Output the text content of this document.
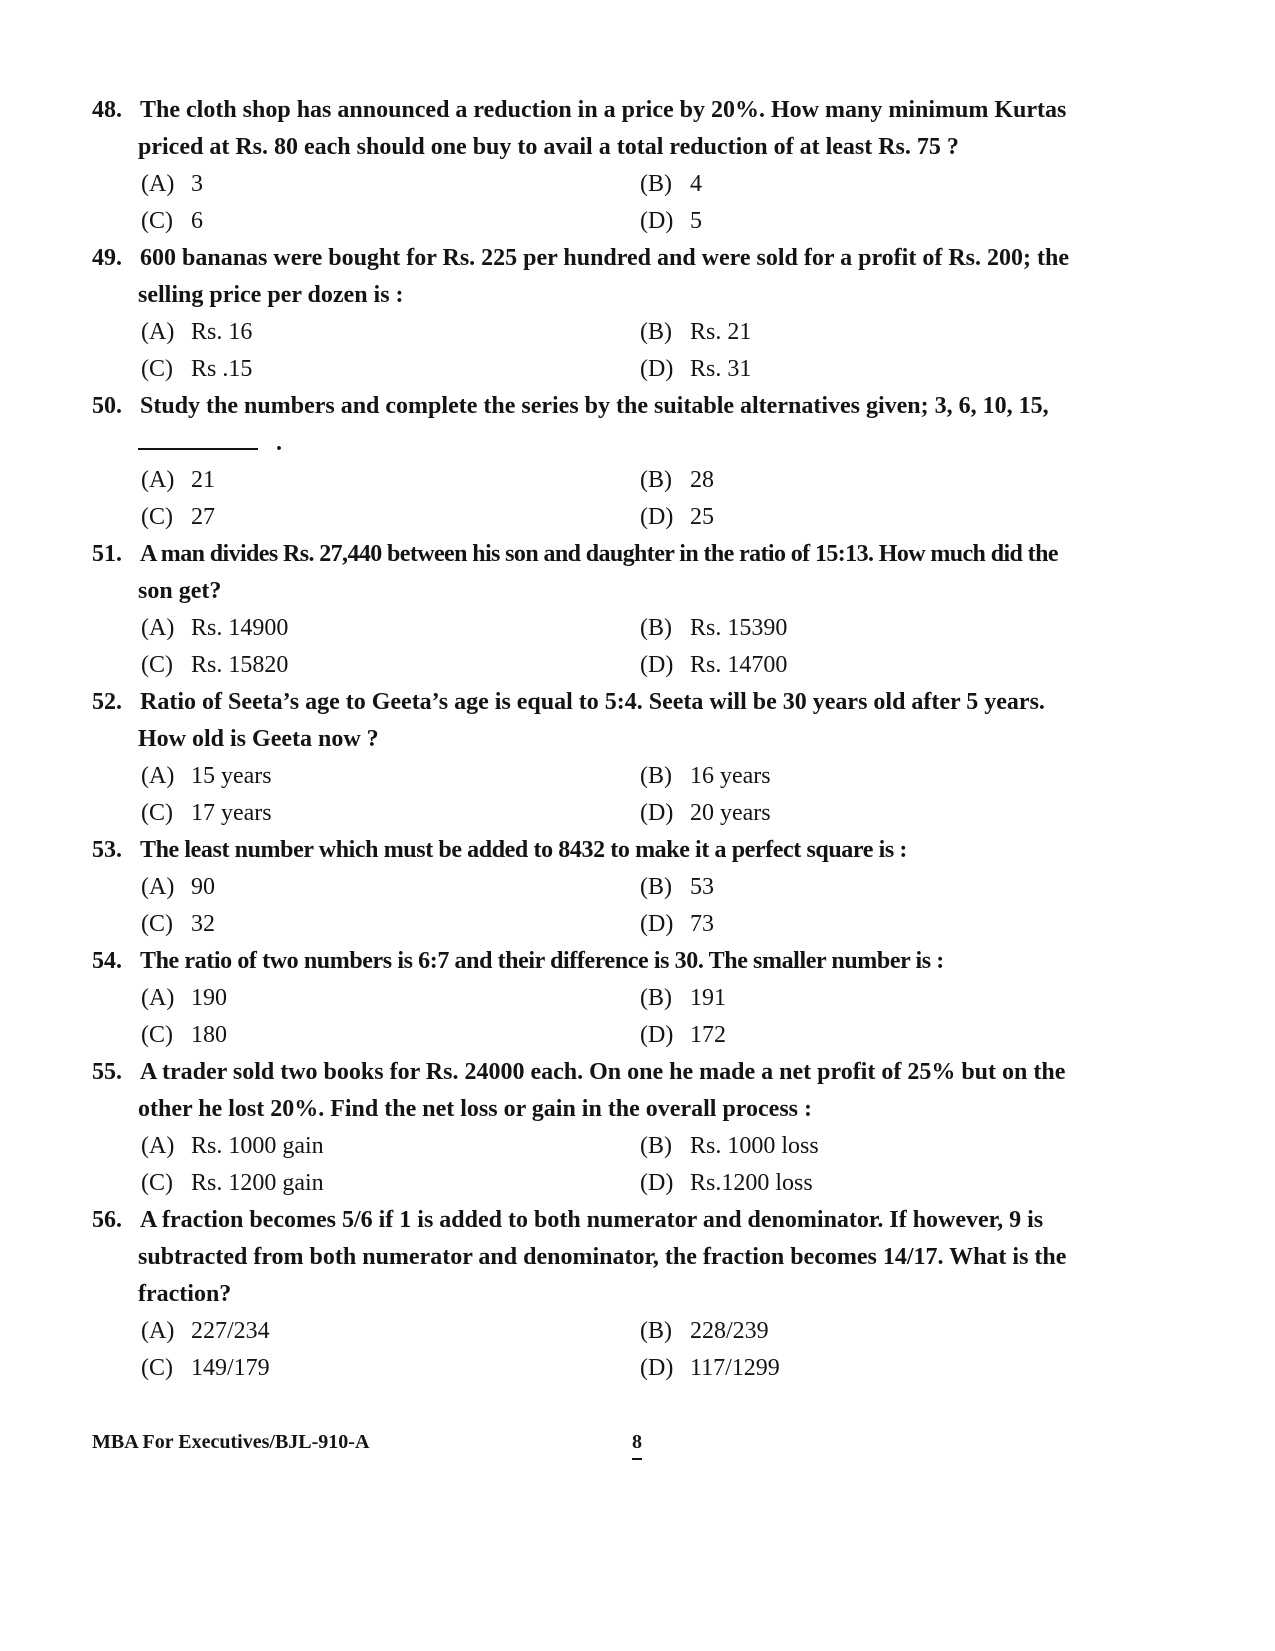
48. The cloth shop has announced a reduction in a price by 20%. How many minimum Kurtas
priced at Rs. 80 each should one buy to avail a total reduction of at least Rs. 75 ?
(A) 3	(B) 4
(C) 6	(D) 5
49. 600 bananas were bought for Rs. 225 per hundred and were sold for a profit of Rs. 200; the
selling price per dozen is :
(A) Rs. 16	(B) Rs. 21
(C) Rs .15	(D) Rs. 31
50. Study the numbers and complete the series by the suitable alternatives given; 3, 6, 10, 15,
.
(A) 21	(B) 28
(C) 27	(D) 25
51. A man divides Rs. 27,440 between his son and daughter in the ratio of 15:13. How much did the
son get?
(A) Rs. 14900	(B) Rs. 15390
(C) Rs. 15820	(D) Rs. 14700
52. Ratio of Seeta’s age to Geeta’s age is equal to 5:4. Seeta will be 30 years old after 5 years.
How old is Geeta now ?
(A) 15 years	(B) 16 years
(C) 17 years	(D) 20 years
53. The least number which must be added to 8432 to make it a perfect square is :
(A) 90	(B) 53
(C) 32	(D) 73
54. The ratio of two numbers is 6:7 and their difference is 30. The smaller number is :
(A) 190	(B) 191
(C) 180	(D) 172
55. A trader sold two books for Rs. 24000 each. On one he made a net profit of 25% but on the
other he lost 20%. Find the net loss or gain in the overall process :
(A) Rs. 1000 gain	(B) Rs. 1000 loss
(C) Rs. 1200 gain	(D) Rs.1200 loss
56. A fraction becomes 5/6 if 1 is added to both numerator and denominator. If however, 9 is
subtracted from both numerator and denominator, the fraction becomes 14/17. What is the
fraction?
(A) 227/234	(B) 228/239
(C) 149/179	(D) 117/1299
MBA For Executives/BJL-910-A	8
